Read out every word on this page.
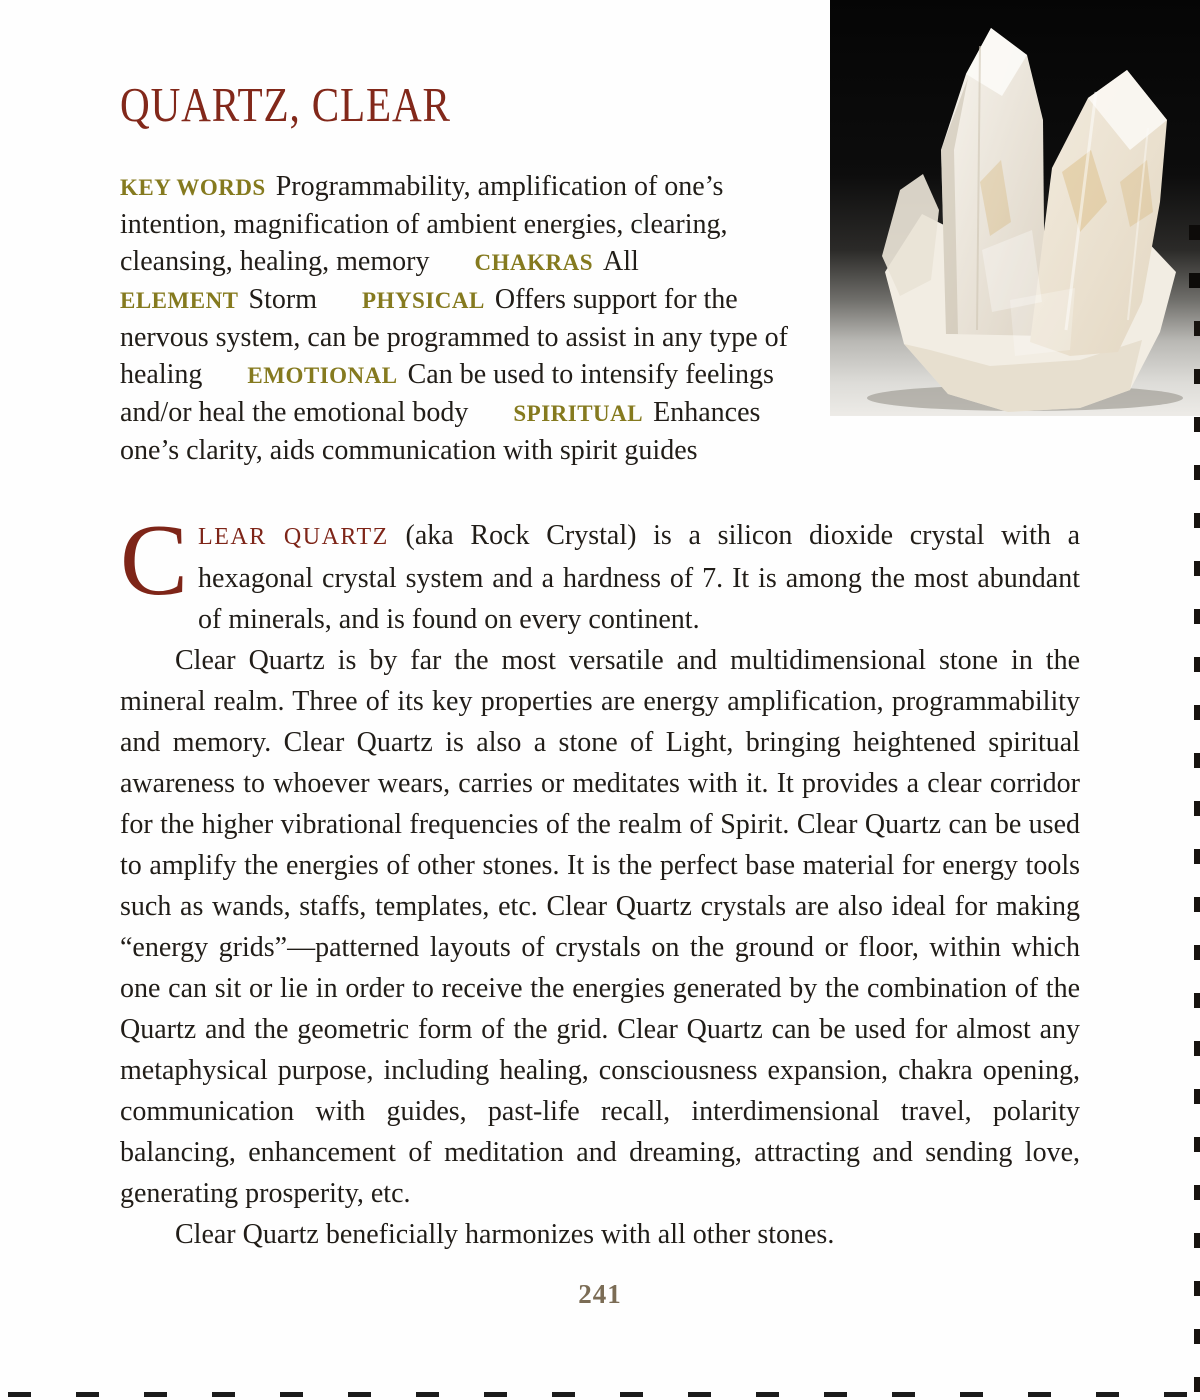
QUARTZ, CLEAR

KEY WORDS Programmability, amplification of one’s intention, magnification of ambient energies, clearing, cleansing, healing, memory CHAKRAS All ELEMENT Storm PHYSICAL Offers support for the nervous system, can be programmed to assist in any type of healing EMOTIONAL Can be used to intensify feelings and/or heal the emotional body SPIRITUAL Enhances one’s clarity, aids communication with spirit guides

CLEAR QUARTZ (aka Rock Crystal) is a silicon dioxide crystal with a hexagonal crystal system and a hardness of 7. It is among the most abundant of minerals, and is found on every continent.

Clear Quartz is by far the most versatile and multidimensional stone in the mineral realm. Three of its key properties are energy amplification, programmability and memory. Clear Quartz is also a stone of Light, bringing heightened spiritual awareness to whoever wears, carries or meditates with it. It provides a clear corridor for the higher vibrational frequencies of the realm of Spirit. Clear Quartz can be used to amplify the energies of other stones. It is the perfect base material for energy tools such as wands, staffs, templates, etc. Clear Quartz crystals are also ideal for making “energy grids”—patterned layouts of crystals on the ground or floor, within which one can sit or lie in order to receive the energies generated by the combination of the Quartz and the geometric form of the grid. Clear Quartz can be used for almost any metaphysical purpose, including healing, consciousness expansion, chakra opening, communication with guides, past-life recall, interdimensional travel, polarity balancing, enhancement of meditation and dreaming, attracting and sending love, generating prosperity, etc.

Clear Quartz beneficially harmonizes with all other stones.

241
